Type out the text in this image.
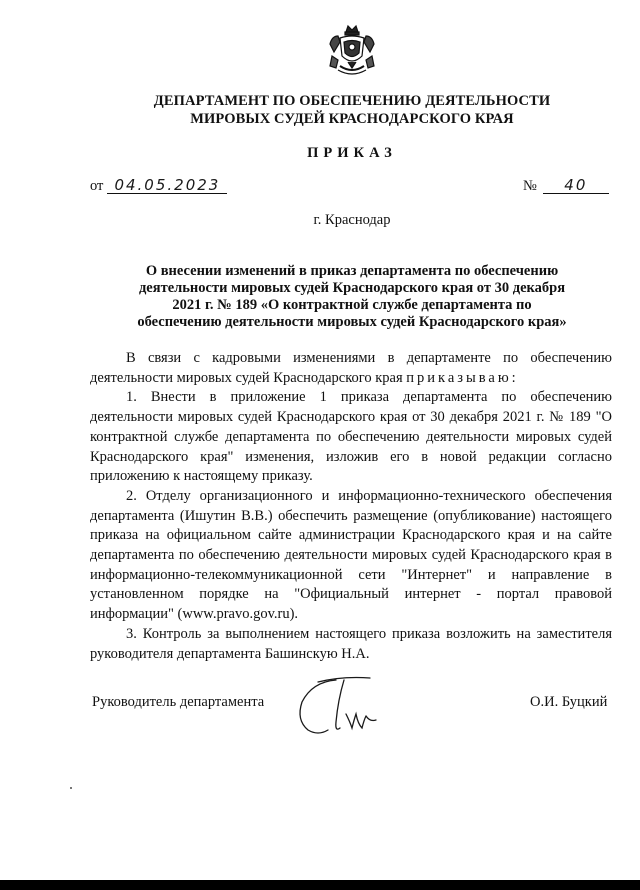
ДЕПАРТАМЕНТ ПО ОБЕСПЕЧЕНИЮ ДЕЯТЕЛЬНОСТИ
МИРОВЫХ СУДЕЙ КРАСНОДАРСКОГО КРАЯ
ПРИКАЗ
от 04.05.2023	№ 40
г. Краснодар
О внесении изменений в приказ департамента по обеспечению
деятельности мировых судей Краснодарского края от 30 декабря
2021 г. № 189 «О контрактной службе департамента по
обеспечению деятельности мировых судей Краснодарского края»

В связи с кадровыми изменениями в департаменте по обеспечению деятельности мировых судей Краснодарского края приказываю:

1. Внести в приложение 1 приказа департамента по обеспечению деятельности мировых судей Краснодарского края от 30 декабря 2021 г. № 189 "О контрактной службе департамента по обеспечению деятельности мировых судей Краснодарского края" изменения, изложив его в новой редакции согласно приложению к настоящему приказу.

2. Отделу организационного и информационно-технического обеспечения департамента (Ишутин В.В.) обеспечить размещение (опубликование) настоящего приказа на официальном сайте администрации Краснодарского края и на сайте департамента по обеспечению деятельности мировых судей Краснодарского края в информационно-телекоммуникационной сети "Интернет" и направление в установленном порядке на "Официальный интернет - портал правовой информации" (www.pravo.gov.ru).

3. Контроль за выполнением настоящего приказа возложить на заместителя руководителя департамента Башинскую Н.А.

Руководитель департамента	О.И. Буцкий
